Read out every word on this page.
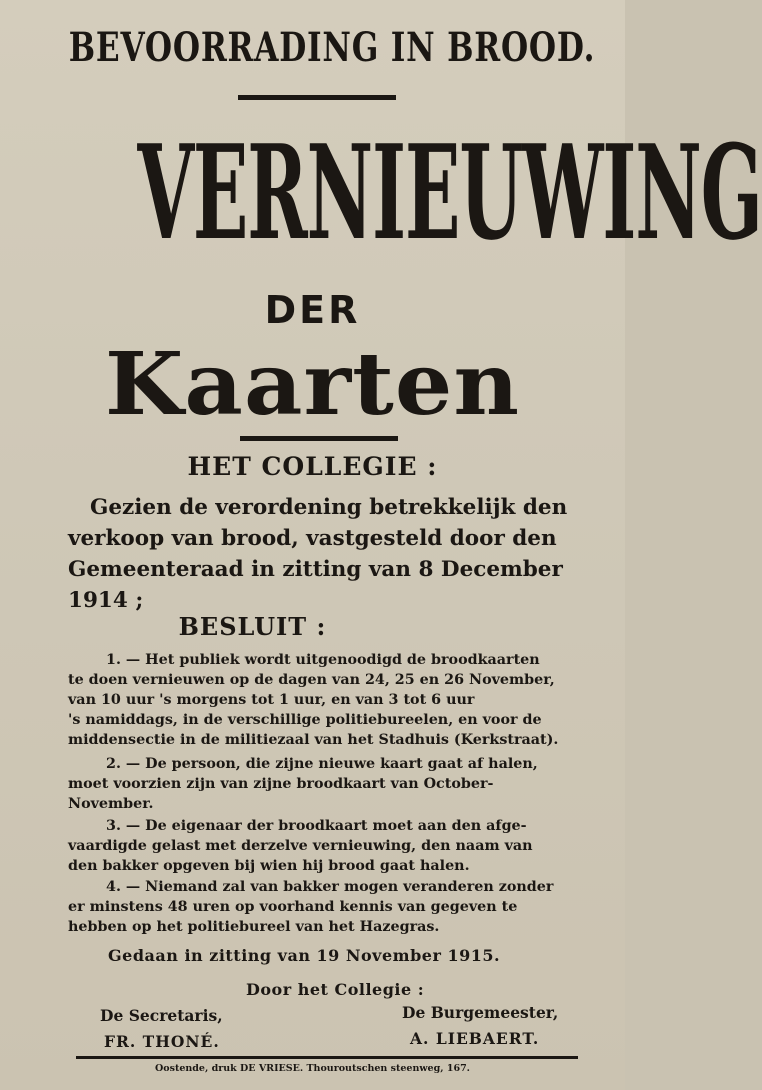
BEVOORRADING IN BROOD.
VERNIEUWING
DER
Kaarten
HET COLLEGIE :
Gezien de verordening betrekkelijk den
verkoop van brood, vastgesteld door den
Gemeenteraad in zitting van 8 December
1914 ;
BESLUIT :
1. — Het publiek wordt uitgenoodigd de broodkaarten
te doen vernieuwen op de dagen van 24, 25 en 26 November,
van 10 uur 's morgens tot 1 uur, en van 3 tot 6 uur
's namiddags, in de verschillige politiebureelen, en voor de
middensectie in de militiezaal van het Stadhuis (Kerkstraat).
2. — De persoon, die zijne nieuwe kaart gaat af halen,
moet voorzien zijn van zijne broodkaart van October-
November.
3. — De eigenaar der broodkaart moet aan den afge-
vaardigde gelast met derzelve vernieuwing, den naam van
den bakker opgeven bij wien hij brood gaat halen.
4. — Niemand zal van bakker mogen veranderen zonder
er minstens 48 uren op voorhand kennis van gegeven te
hebben op het politiebureel van het Hazegras.
Gedaan in zitting van 19 November 1915.
Door het Collegie :
De Secretaris,
FR. THONÉ.
De Burgemeester,
A. LIEBAERT.
Oostende, druk DE VRIESE. Thouroutschen steenweg, 167.
